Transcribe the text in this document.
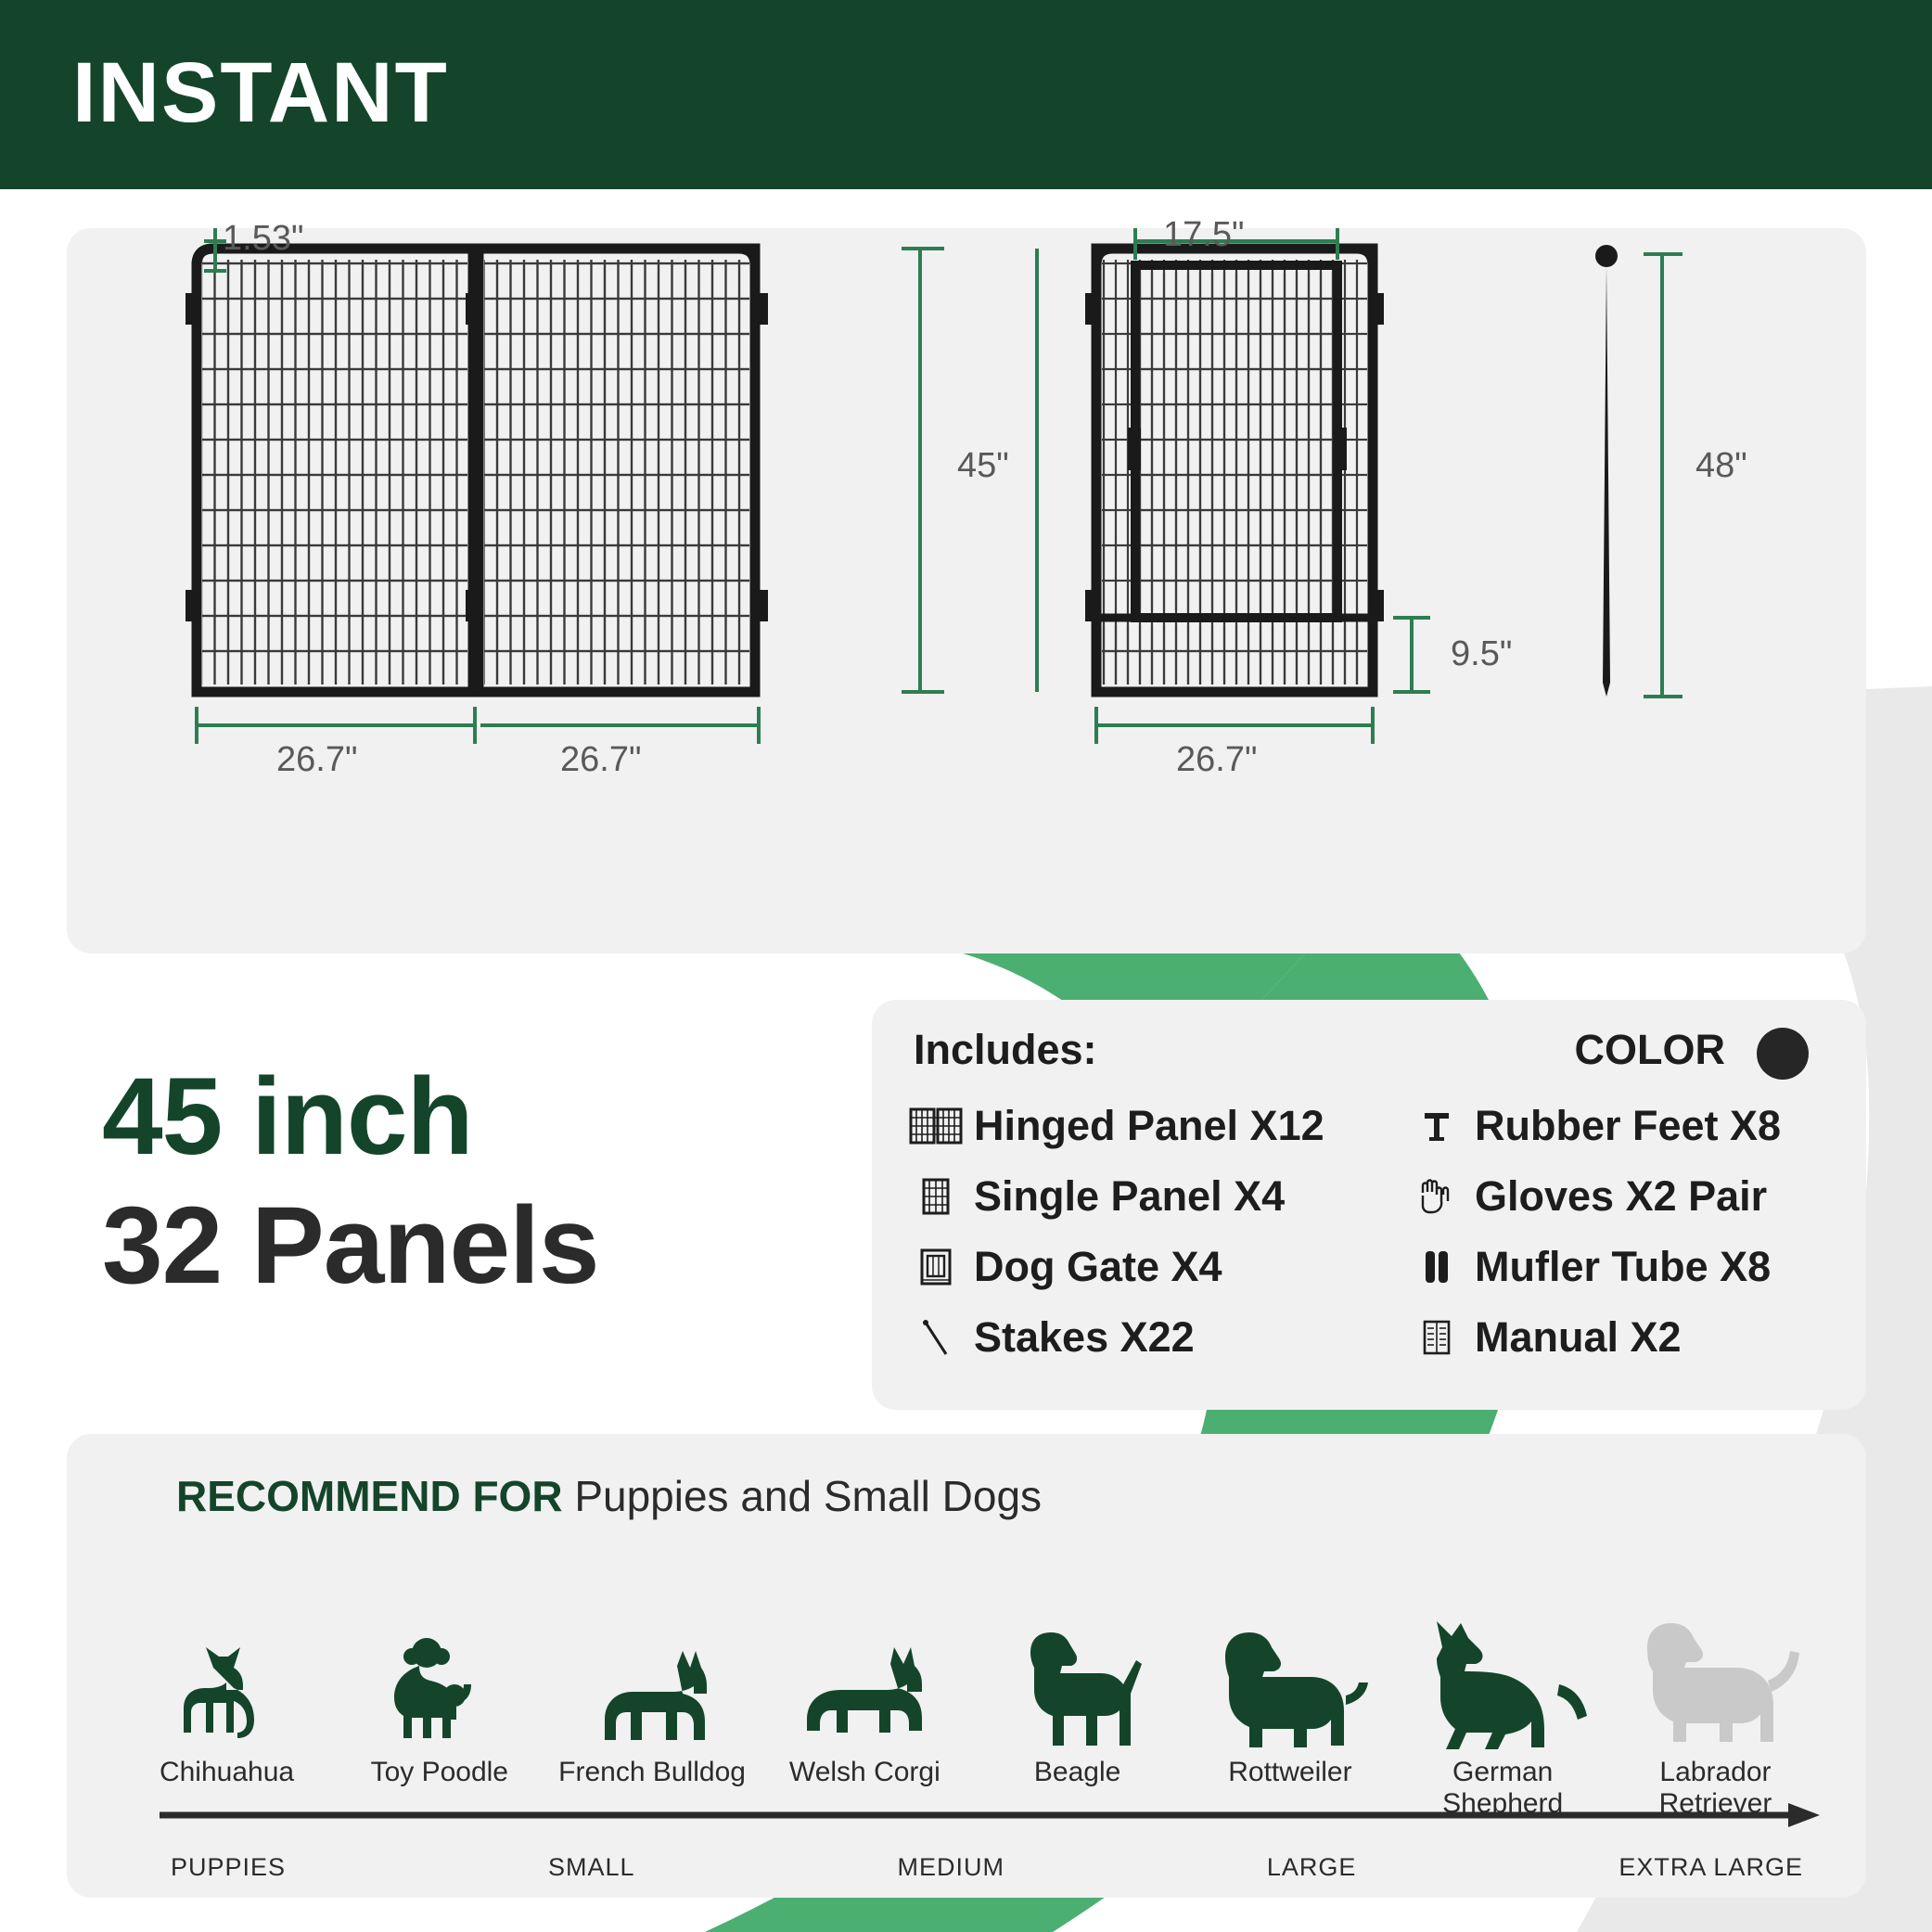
INSTANT
1.53"	17.5"
45"	48"
9.5"
26.7"	26.7"	26.7"
45 inch
32 Panels
Includes:	COLOR
Hinged Panel X12
Single Panel X4
Dog Gate X4
Stakes X22
Rubber Feet X8
Gloves X2 Pair
Mufler Tube X8
Manual X2
RECOMMEND FOR Puppies and Small Dogs
Chihuahua	Toy Poodle	French Bulldog	Welsh Corgi	Beagle	Rottweiler	German Shepherd
Labrador Retriever
PUPPIES	SMALL	MEDIUM	LARGE	EXTRA LARGE
